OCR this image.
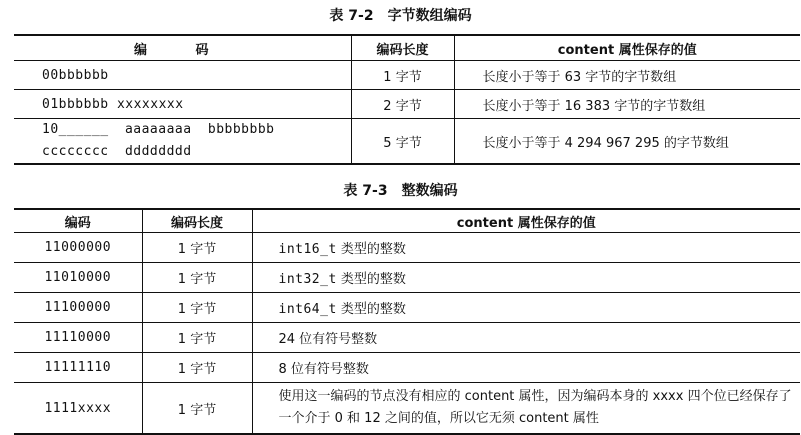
表 7-2 字节数组编码
编 码	编码长度	content 属性保存的值
00bbbbbb	1 字节	长度小于等于 63 字节的字节数组
01bbbbbb xxxxxxxx	2 字节	长度小于等于 16 383 字节的字节数组
10______ aaaaaaaa bbbbbbbb cccccccc dddddddd	5 字节	长度小于等于 4 294 967 295 的字节数组
表 7-3 整数编码
编码	编码长度	content 属性保存的值
11000000	1 字节	int16_t 类型的整数
11010000	1 字节	int32_t 类型的整数
11100000	1 字节	int64_t 类型的整数
11110000	1 字节	24 位有符号整数
11111110	1 字节	8 位有符号整数
1111xxxx	1 字节	使用这一编码的节点没有相应的 content 属性，因为编码本身的 xxxx 四个位已经保存了一个介于 0 和 12 之间的值，所以它无须 content 属性
